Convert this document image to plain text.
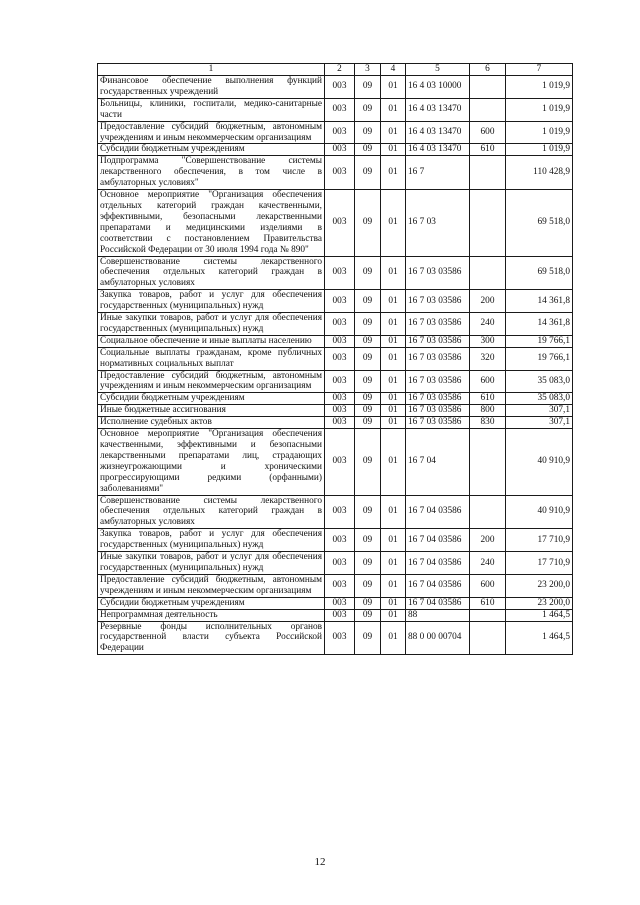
1	2	3	4	5	6	7
Финансовое обеспечение выполнения функций государственных учреждений	003	09	01	16 4 03 10000		1 019,9
Больницы, клиники, госпитали, медико-санитарные части	003	09	01	16 4 03 13470		1 019,9
Предоставление субсидий бюджетным, автономным учреждениям и иным некоммерческим организациям	003	09	01	16 4 03 13470	600	1 019,9
Субсидии бюджетным учреждениям	003	09	01	16 4 03 13470	610	1 019,9
Подпрограмма "Совершенствование системы лекарственного обеспечения, в том числе в амбулаторных условиях"	003	09	01	16 7		110 428,9
Основное мероприятие "Организация обеспечения отдельных категорий граждан качественными, эффективными, безопасными лекарственными препаратами и медицинскими изделиями в соответствии с постановлением Правительства Российской Федерации от 30 июля 1994 года № 890"	003	09	01	16 7 03		69 518,0
Совершенствование системы лекарственного обеспечения отдельных категорий граждан в амбулаторных условиях	003	09	01	16 7 03 03586		69 518,0
Закупка товаров, работ и услуг для обеспечения государственных (муниципальных) нужд	003	09	01	16 7 03 03586	200	14 361,8
Иные закупки товаров, работ и услуг для обеспечения государственных (муниципальных) нужд	003	09	01	16 7 03 03586	240	14 361,8
Социальное обеспечение и иные выплаты населению	003	09	01	16 7 03 03586	300	19 766,1
Социальные выплаты гражданам, кроме публичных нормативных социальных выплат	003	09	01	16 7 03 03586	320	19 766,1
Предоставление субсидий бюджетным, автономным учреждениям и иным некоммерческим организациям	003	09	01	16 7 03 03586	600	35 083,0
Субсидии бюджетным учреждениям	003	09	01	16 7 03 03586	610	35 083,0
Иные бюджетные ассигнования	003	09	01	16 7 03 03586	800	307,1
Исполнение судебных актов	003	09	01	16 7 03 03586	830	307,1
Основное мероприятие "Организация обеспечения качественными, эффективными и безопасными лекарственными препаратами лиц, страдающих жизнеугрожающими и хроническими прогрессирующими редкими (орфанными) заболеваниями"	003	09	01	16 7 04		40 910,9
Совершенствование системы лекарственного обеспечения отдельных категорий граждан в амбулаторных условиях	003	09	01	16 7 04 03586		40 910,9
Закупка товаров, работ и услуг для обеспечения государственных (муниципальных) нужд	003	09	01	16 7 04 03586	200	17 710,9
Иные закупки товаров, работ и услуг для обеспечения государственных (муниципальных) нужд	003	09	01	16 7 04 03586	240	17 710,9
Предоставление субсидий бюджетным, автономным учреждениям и иным некоммерческим организациям	003	09	01	16 7 04 03586	600	23 200,0
Субсидии бюджетным учреждениям	003	09	01	16 7 04 03586	610	23 200,0
Непрограммная деятельность	003	09	01	88		1 464,5
Резервные фонды исполнительных органов государственной власти субъекта Российской Федерации	003	09	01	88 0 00 00704		1 464,5
12
